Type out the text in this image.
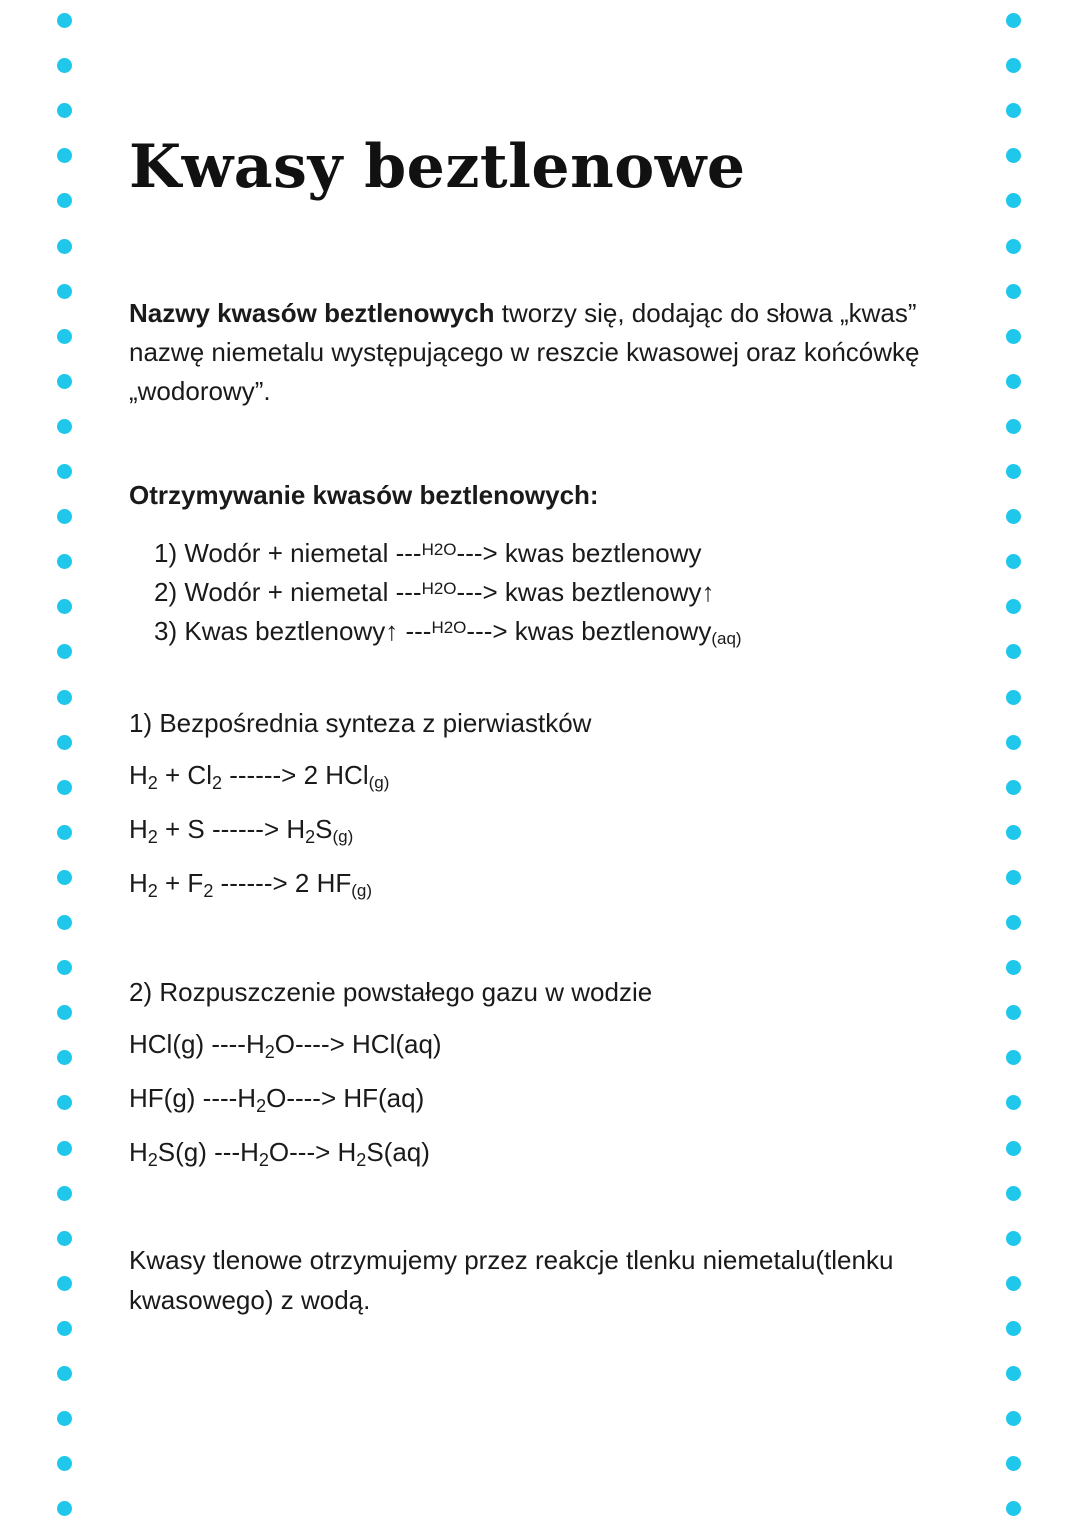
Kwasy beztlenowe
Nazwy kwasów beztlenowych tworzy się, dodając do słowa „kwas” nazwę niemetalu występującego w reszcie kwasowej oraz końcówkę „wodorowy”.
Otrzymywanie kwasów beztlenowych:
1) Wodór + niemetal ---$^{H2O}$---> kwas beztlenowy
2) Wodór + niemetal ---$^{H2O}$---> kwas beztlenowy↑
3) Kwas beztlenowy↑ ---$^{H2O}$---> kwas beztlenowy(aq)
1) Bezpośrednia synteza z pierwiastków
H2 + Cl2 ------> 2 HCl(g)
H2 + S ------> H2S(g)
H2 + F2 ------> 2 HF(g)
2) Rozpuszczenie powstałego gazu w wodzie
HCl(g) ----H2O----> HCl(aq)
HF(g) ----H2O----> HF(aq)
H2S(g) ---H2O---> H2S(aq)
Kwasy tlenowe otrzymujemy przez reakcje tlenku niemetalu(tlenku kwasowego) z wodą.
